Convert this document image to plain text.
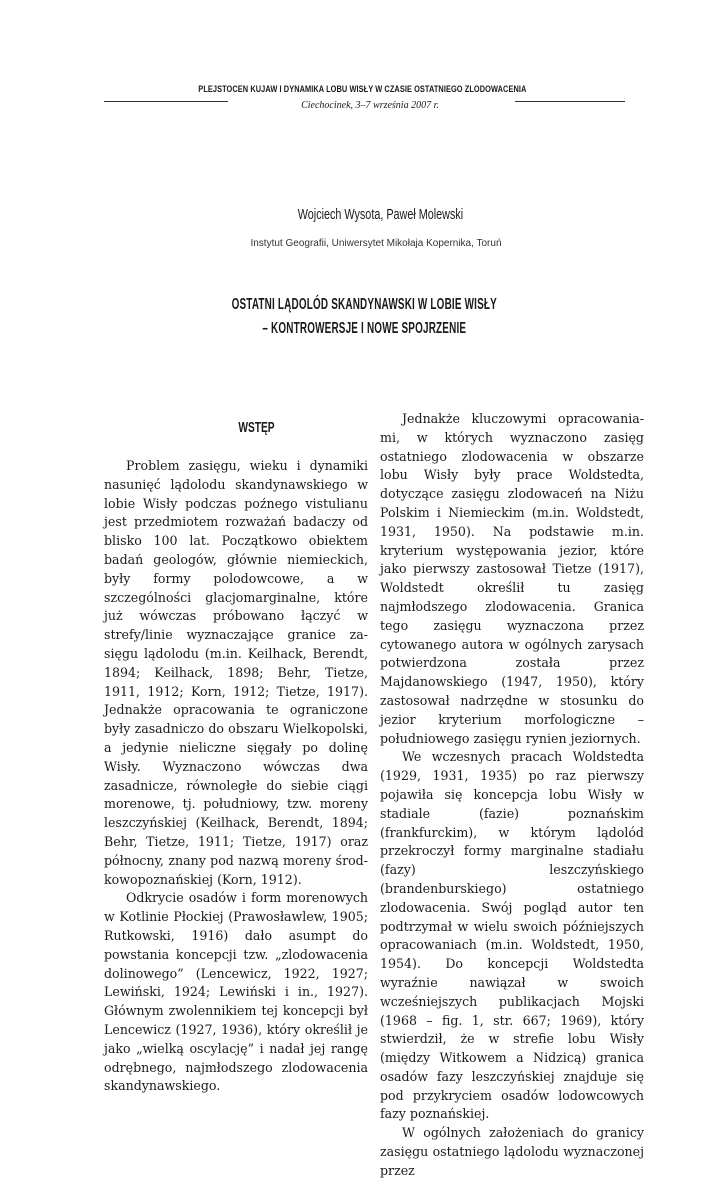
PLEJSTOCEN KUJAW I DYNAMIKA LOBU WISŁY W CZASIE OSTATNIEGO ZLODOWACENIA
Ciechocinek, 3–7 września 2007 r.
Wojciech Wysota, Paweł Molewski
Instytut Geografii, Uniwersytet Mikołaja Kopernika, Toruń
OSTATNI LĄDOLÓD SKANDYNAWSKI W LOBIE WISŁY
– KONTROWERSJE I NOWE SPOJRZENIE
WSTĘP

Problem zasięgu, wieku i dynamiki nasunięć lądolodu skandynawskiego w lobie Wisły podczas poźnego vistulianu jest przedmiotem rozważań badaczy od blisko 100 lat. Początkowo obiektem badań geologów, głównie niemieckich, były formy polodowcowe, a w szczególności glacjomarginalne, które już wówczas próbowano łączyć w strefy/linie wyznaczające granice zasięgu lądolodu (m.in. Keilhack, Berendt, 1894; Keilhack, 1898; Behr, Tietze, 1911, 1912; Korn, 1912; Tietze, 1917). Jednakże opracowania te ograniczone były zasadniczo do obszaru Wielkopolski, a jedynie nieliczne sięgały po dolinę Wisły. Wyznaczono wówczas dwa zasadnicze, równoległe do siebie ciągi morenowe, tj. południowy, tzw. moreny leszczyńskiej (Keilhack, Berendt, 1894; Behr, Tietze, 1911; Tietze, 1917) oraz północny, znany pod nazwą moreny środkowopoznańskiej (Korn, 1912).

Odkrycie osadów i form morenowych w Kotlinie Płockiej (Prawosławlew, 1905; Rutkowski, 1916) dało asumpt do powstania koncepcji tzw. „zlodowacenia dolinowego” (Lencewicz, 1922, 1927; Lewiński, 1924; Lewiński i in., 1927). Głównym zwolennikiem tej koncepcji był Lencewicz (1927, 1936), który określił je jako „wielką oscylację” i nadał jej rangę odrębnego, najmłodszego zlodowacenia skandynawskiego.

Jednakże kluczowymi opracowaniami, w których wyznaczono zasięg ostatniego zlodowacenia w obszarze lobu Wisły były prace Woldstedta, dotyczące zasięgu zlodowaceń na Niżu Polskim i Niemieckim (m.in. Woldstedt, 1931, 1950). Na podstawie m.in. kryterium występowania jezior, które jako pierwszy zastosował Tietze (1917), Woldstedt określił tu zasięg najmłodszego zlodowacenia. Granica tego zasięgu wyznaczona przez cytowanego autora w ogólnych zarysach potwierdzona została przez Majdanowskiego (1947, 1950), który zastosował nadrzędne w stosunku do jezior kryterium morfologiczne – południowego zasięgu rynien jeziornych.

We wczesnych pracach Woldstedta (1929, 1931, 1935) po raz pierwszy pojawiła się koncepcja lobu Wisły w stadiale (fazie) poznańskim (frankfurckim), w którym lądolód przekroczył formy marginalne stadiału (fazy) leszczyńskiego (brandenburskiego) ostatniego zlodowacenia. Swój pogląd autor ten podtrzymał w wielu swoich późniejszych opracowaniach (m.in. Woldstedt, 1950, 1954). Do koncepcji Woldstedta wyraźnie nawiązał w swoich wcześniejszych publikacjach Mojski (1968 – fig. 1, str. 667; 1969), który stwierdził, że w strefie lobu Wisły (między Witkowem a Nidzicą) granica osadów fazy leszczyńskiej znajduje się pod przykryciem osadów lodowcowych fazy poznańskiej.

W ogólnych założeniach do granicy zasięgu ostatniego lądolodu wyznaczonej przez
